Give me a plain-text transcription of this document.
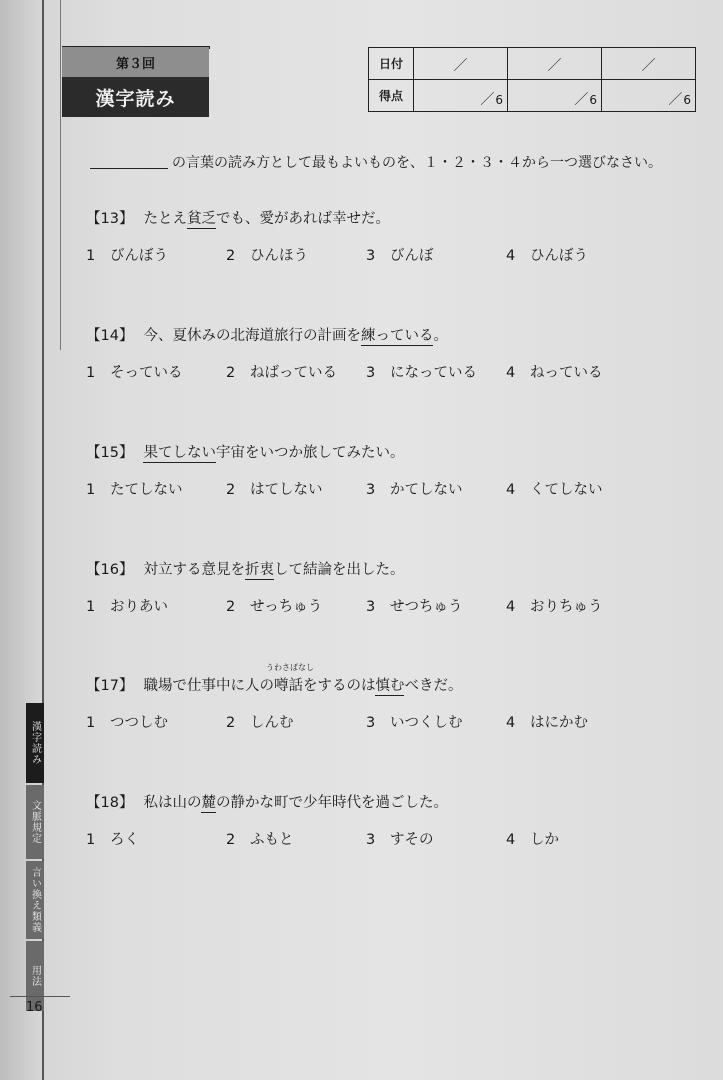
第３回
漢字読み
日付	／	／	／

得点	／6	／6	／6
の言葉の読み方として最もよいものを、１・２・３・４から一つ選びなさい。
【13】 たとえ貧乏でも、愛があれば幸せだ。
1 びんぼう	2 ひんほう	3 びんぼ	4 ひんぼう
【14】 今、夏休みの北海道旅行の計画を練っている。
1 そっている	2 ねばっている	3 になっている	4 ねっている
【15】 果てしない宇宙をいつか旅してみたい。
1 たてしない	2 はてしない	3 かてしない	4 くてしない
【16】 対立する意見を折衷して結論を出した。
1 おりあい	2 せっちゅう	3 せつちゅう	4 おりちゅう
【17】 職場で仕事中に人の
うわさばなし
噂話をするのは慎むべきだ。
1 つつしむ	2 しんむ	3 いつくしむ	4 はにかむ
【18】 私は山の麓の静かな町で少年時代を過ごした。
1 ろく	2 ふもと	3 すその	4 しか
漢字読み
文脈規定
言い換え類義
用法
16
